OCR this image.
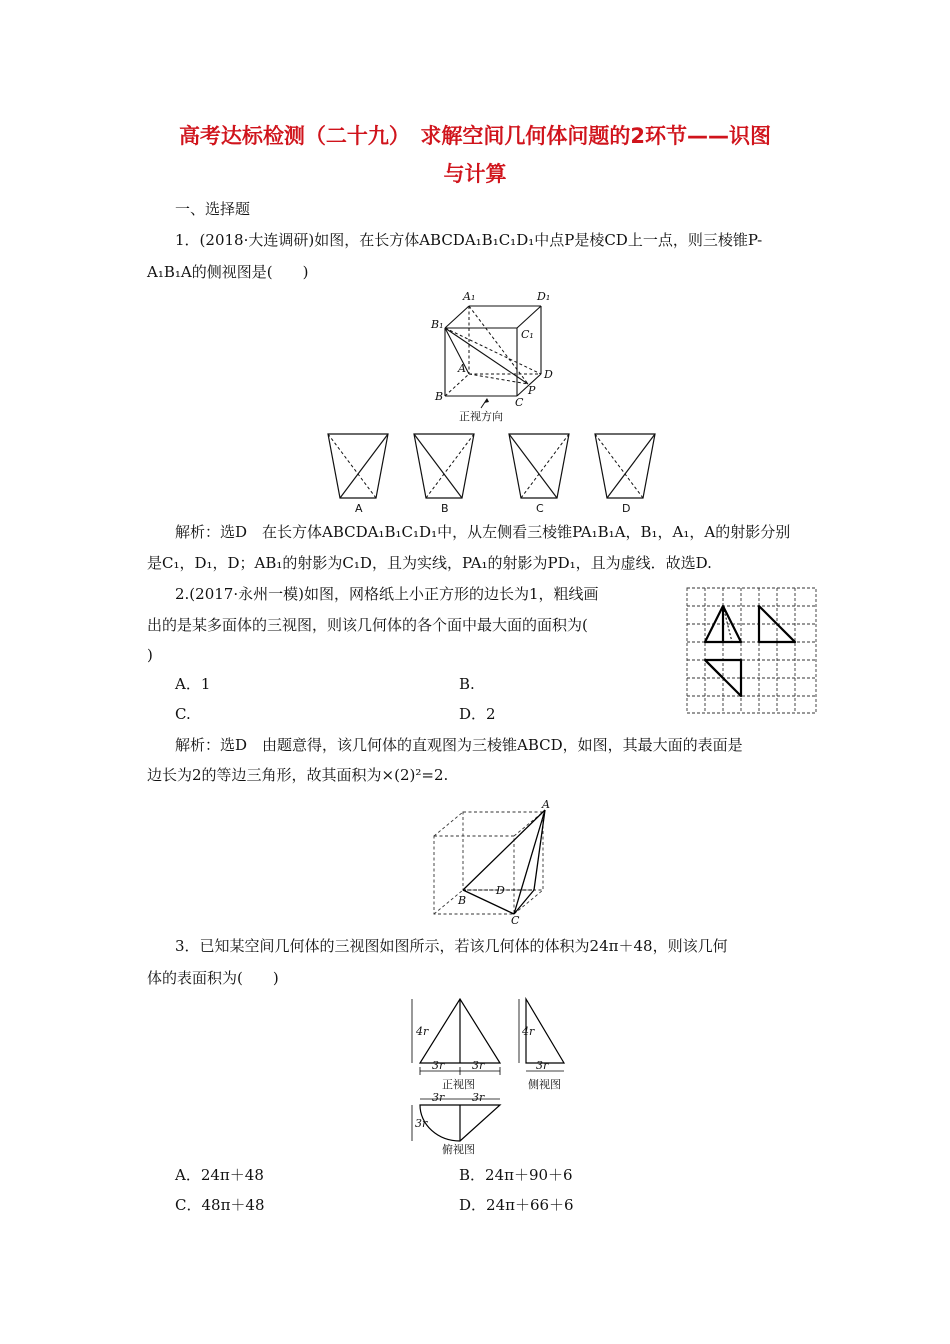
高考达标检测（二十九）　求解空间几何体问题的2环节——识图
与计算
一、选择题
1．(2018·大连调研)如图，在长方体ABCDA₁B₁C₁D₁中点P是棱CD上一点，则三棱锥P-
A₁B₁A的侧视图是(　　)
A₁	D₁
B₁
C₁
A	D
P
B	C
正视方向
A	B	C	D
解析：选D　在长方体ABCDA₁B₁C₁D₁中，从左侧看三棱锥PA₁B₁A，B₁，A₁，A的射影分别
是C₁，D₁，D；AB₁的射影为C₁D，且为实线，PA₁的射影为PD₁，且为虚线．故选D.
2.(2017·永州一模)如图，网格纸上小正方形的边长为1，粗线画
出的是某多面体的三视图，则该几何体的各个面中最大面的面积为(
)
A．1	B.
C.	D．2
解析：选D　由题意得，该几何体的直观图为三棱锥ABCD，如图，其最大面的表面是
边长为2的等边三角形，故其面积为×(2)²=2.
A
B
D
C
3．已知某空间几何体的三视图如图所示，若该几何体的体积为24π＋48，则该几何
体的表面积为(　　)
4r
3r	3r
正视图
4r
3r
侧视图
3r	3r
3r
俯视图
A．24π＋48	B．24π＋90＋6
C．48π＋48	D．24π＋66＋6
